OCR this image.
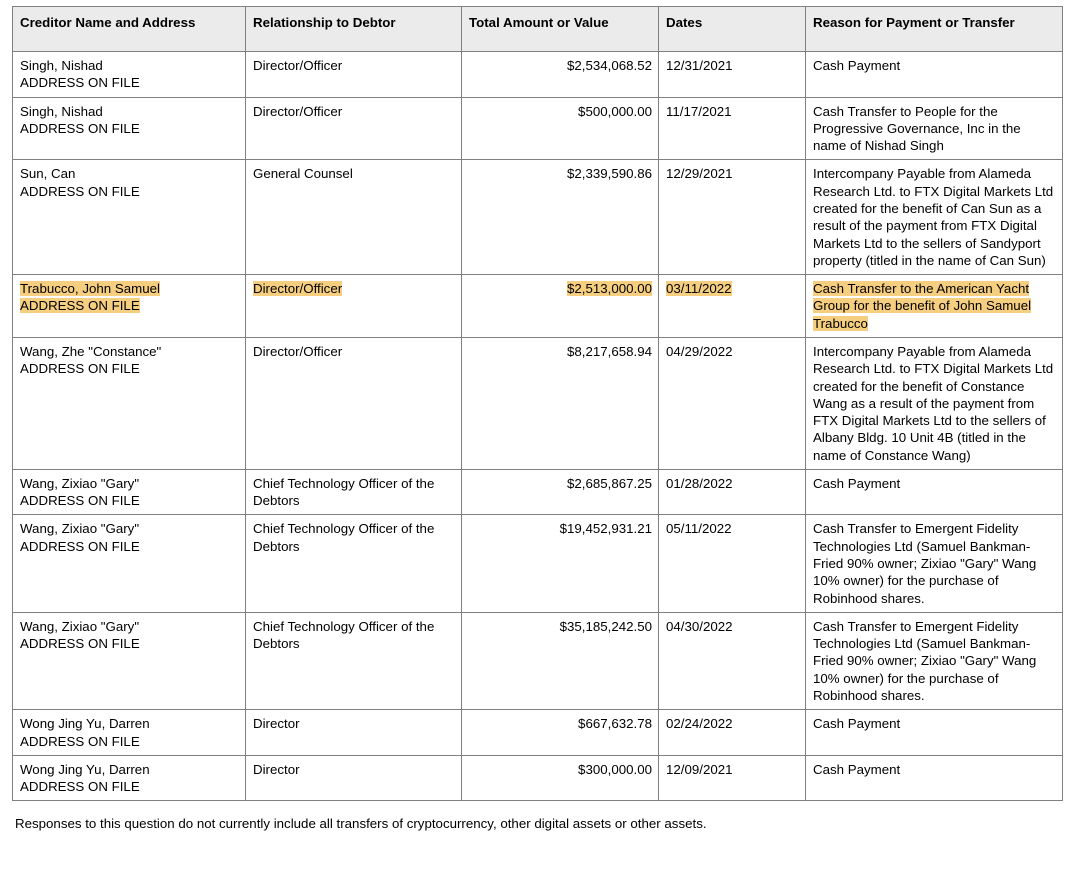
Creditor Name and Address	Relationship to Debtor	Total Amount or Value	Dates	Reason for Payment or Transfer

Singh, Nishad
ADDRESS ON FILE	Director/Officer	$2,534,068.52	12/31/2021	Cash Payment

Singh, Nishad
ADDRESS ON FILE	Director/Officer	$500,000.00	11/17/2021	Cash Transfer to People for the Progressive Governance, Inc in the name of Nishad Singh

Sun, Can
ADDRESS ON FILE	General Counsel	$2,339,590.86	12/29/2021	Intercompany Payable from Alameda Research Ltd. to FTX Digital Markets Ltd created for the benefit of Can Sun as a result of the payment from FTX Digital Markets Ltd to the sellers of Sandyport property (titled in the name of Can Sun)

Trabucco, John Samuel
ADDRESS ON FILE	Director/Officer	$2,513,000.00	03/11/2022	Cash Transfer to the American Yacht Group for the benefit of John Samuel Trabucco

Wang, Zhe "Constance"
ADDRESS ON FILE	Director/Officer	$8,217,658.94	04/29/2022	Intercompany Payable from Alameda Research Ltd. to FTX Digital Markets Ltd created for the benefit of Constance Wang as a result of the payment from FTX Digital Markets Ltd to the sellers of Albany Bldg. 10 Unit 4B (titled in the name of Constance Wang)

Wang, Zixiao "Gary"
ADDRESS ON FILE	Chief Technology Officer of the Debtors	$2,685,867.25	01/28/2022	Cash Payment

Wang, Zixiao "Gary"
ADDRESS ON FILE	Chief Technology Officer of the Debtors	$19,452,931.21	05/11/2022	Cash Transfer to Emergent Fidelity Technologies Ltd (Samuel Bankman-Fried 90% owner; Zixiao "Gary" Wang 10% owner) for the purchase of Robinhood shares.

Wang, Zixiao "Gary"
ADDRESS ON FILE	Chief Technology Officer of the Debtors	$35,185,242.50	04/30/2022	Cash Transfer to Emergent Fidelity Technologies Ltd (Samuel Bankman-Fried 90% owner; Zixiao "Gary" Wang 10% owner) for the purchase of Robinhood shares.

Wong Jing Yu, Darren
ADDRESS ON FILE	Director	$667,632.78	02/24/2022	Cash Payment

Wong Jing Yu, Darren
ADDRESS ON FILE	Director	$300,000.00	12/09/2021	Cash Payment
Responses to this question do not currently include all transfers of cryptocurrency, other digital assets or other assets.
